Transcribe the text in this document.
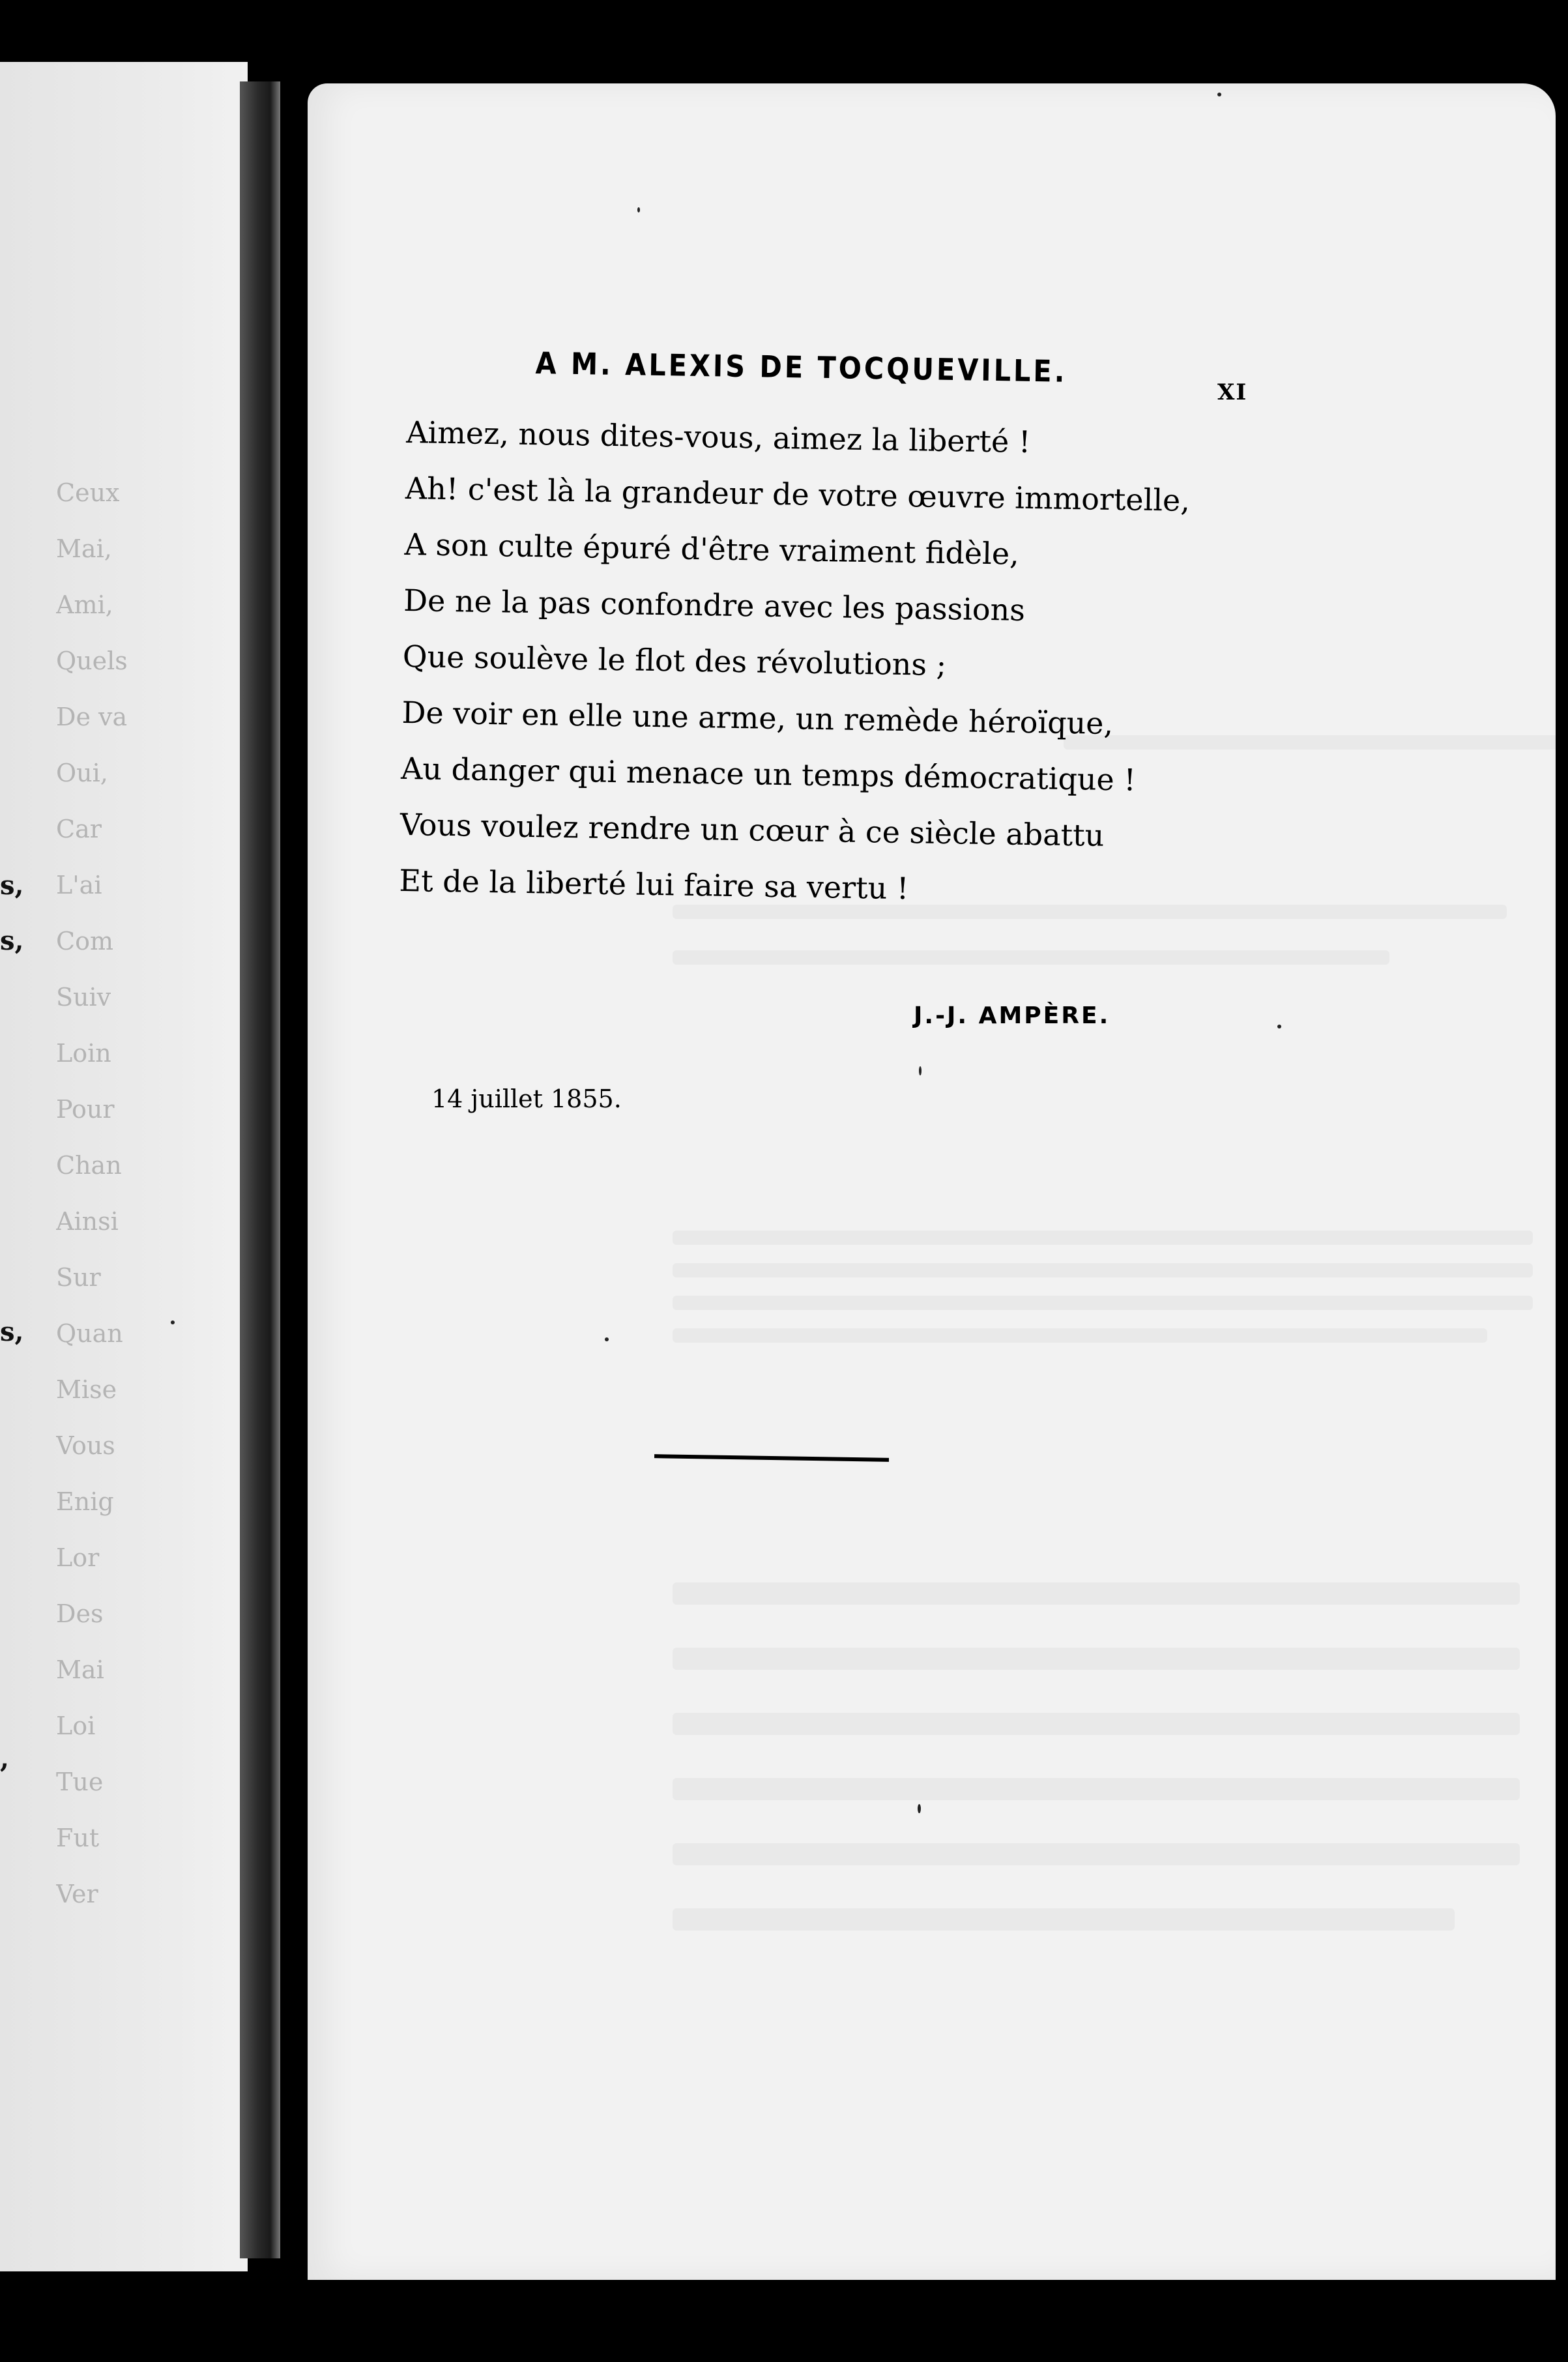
Ceux
Mai,
Ami,
Quels
De va
Oui,
Car
L'ai
Com
Suiv
Loin
Pour
Chan
Ainsi
Sur
Quan
Mise
Vous
Enig
Lor
Des
Mai
Loi
Tue
Fut
Ver
s,
s,
s,
,
XI
A M. ALEXIS DE TOCQUEVILLE.
Aimez, nous dites-vous, aimez la liberté !
Ah! c'est là la grandeur de votre œuvre immortelle,
A son culte épuré d'être vraiment fidèle,
De ne la pas confondre avec les passions
Que soulève le flot des révolutions ;
De voir en elle une arme, un remède héroïque,
Au danger qui menace un temps démocratique !
Vous voulez rendre un cœur à ce siècle abattu
Et de la liberté lui faire sa vertu !
J.-J. AMPÈRE.
14 juillet 1855.
